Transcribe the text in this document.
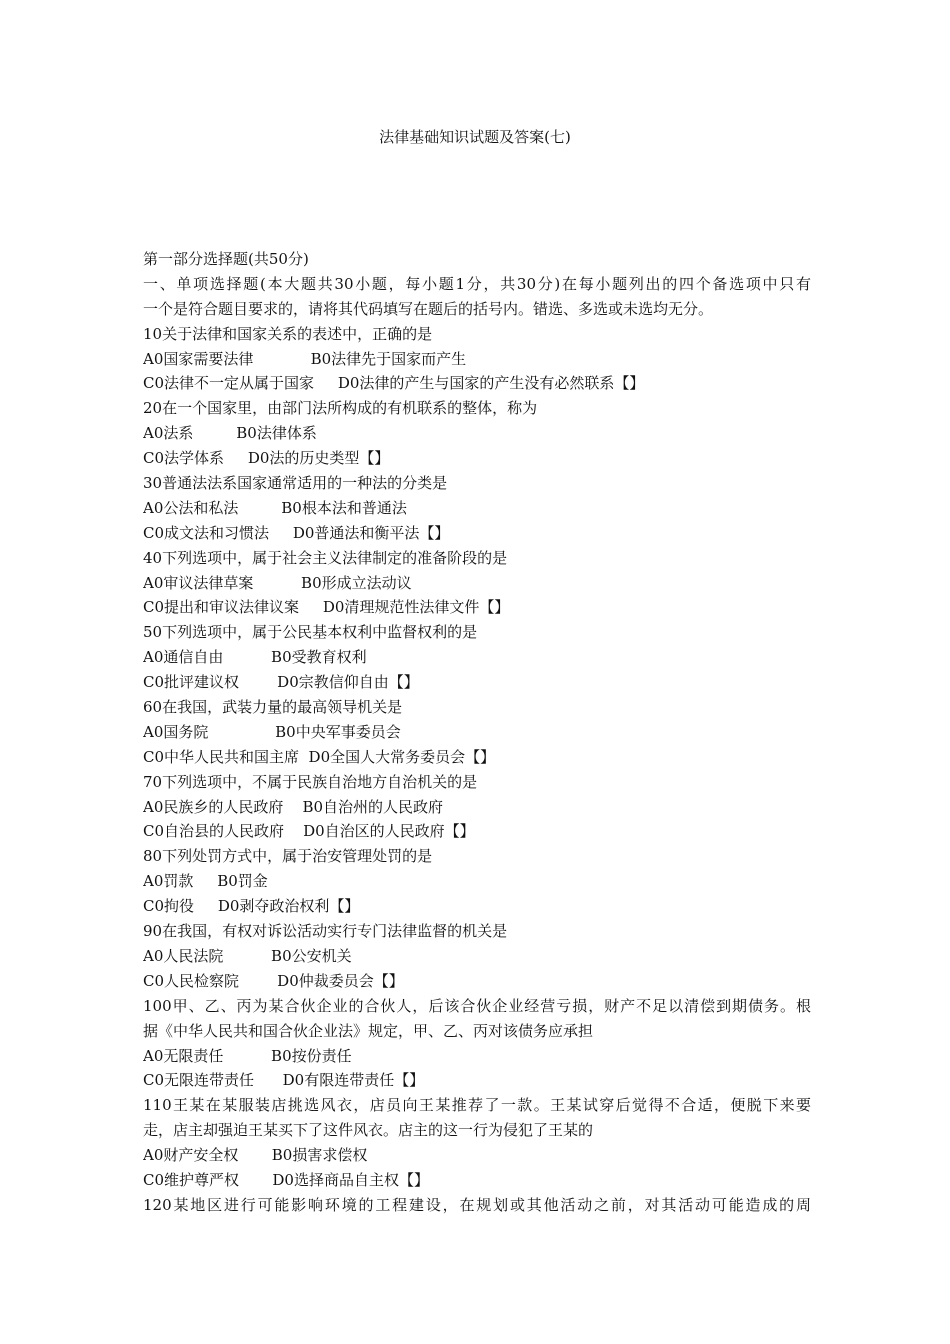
法律基础知识试题及答案(七)
第一部分选择题(共50分)
一、单项选择题(本大题共30小题，每小题1分，共30分)在每小题列出的四个备选项中只有
一个是符合题目要求的，请将其代码填写在题后的括号内。错选、多选或未选均无分。
10关于法律和国家关系的表述中，正确的是
A0国家需要法律            B0法律先于国家而产生
C0法律不一定从属于国家     D0法律的产生与国家的产生没有必然联系【】
20在一个国家里，由部门法所构成的有机联系的整体，称为
A0法系         B0法律体系
C0法学体系     D0法的历史类型【】
30普通法法系国家通常适用的一种法的分类是
A0公法和私法         B0根本法和普通法
C0成文法和习惯法     D0普通法和衡平法【】
40下列选项中，属于社会主义法律制定的准备阶段的是
A0审议法律草案          B0形成立法动议
C0提出和审议法律议案     D0清理规范性法律文件【】
50下列选项中，属于公民基本权利中监督权利的是
A0通信自由          B0受教育权利
C0批评建议权        D0宗教信仰自由【】
60在我国，武装力量的最高领导机关是
A0国务院              B0中央军事委员会
C0中华人民共和国主席  D0全国人大常务委员会【】
70下列选项中，不属于民族自治地方自治机关的是
A0民族乡的人民政府    B0自治州的人民政府
C0自治县的人民政府    D0自治区的人民政府【】
80下列处罚方式中，属于治安管理处罚的是
A0罚款     B0罚金
C0拘役     D0剥夺政治权利【】
90在我国，有权对诉讼活动实行专门法律监督的机关是
A0人民法院          B0公安机关
C0人民检察院        D0仲裁委员会【】
100甲、乙、丙为某合伙企业的合伙人，后该合伙企业经营亏损，财产不足以清偿到期债务。根
据《中华人民共和国合伙企业法》规定，甲、乙、丙对该债务应承担
A0无限责任          B0按份责任
C0无限连带责任      D0有限连带责任【】
110王某在某服装店挑选风衣，店员向王某推荐了一款。王某试穿后觉得不合适，便脱下来要
走，店主却强迫王某买下了这件风衣。店主的这一行为侵犯了王某的
A0财产安全权       B0损害求偿权
C0维护尊严权       D0选择商品自主权【】
120某地区进行可能影响环境的工程建设，在规划或其他活动之前，对其活动可能造成的周
